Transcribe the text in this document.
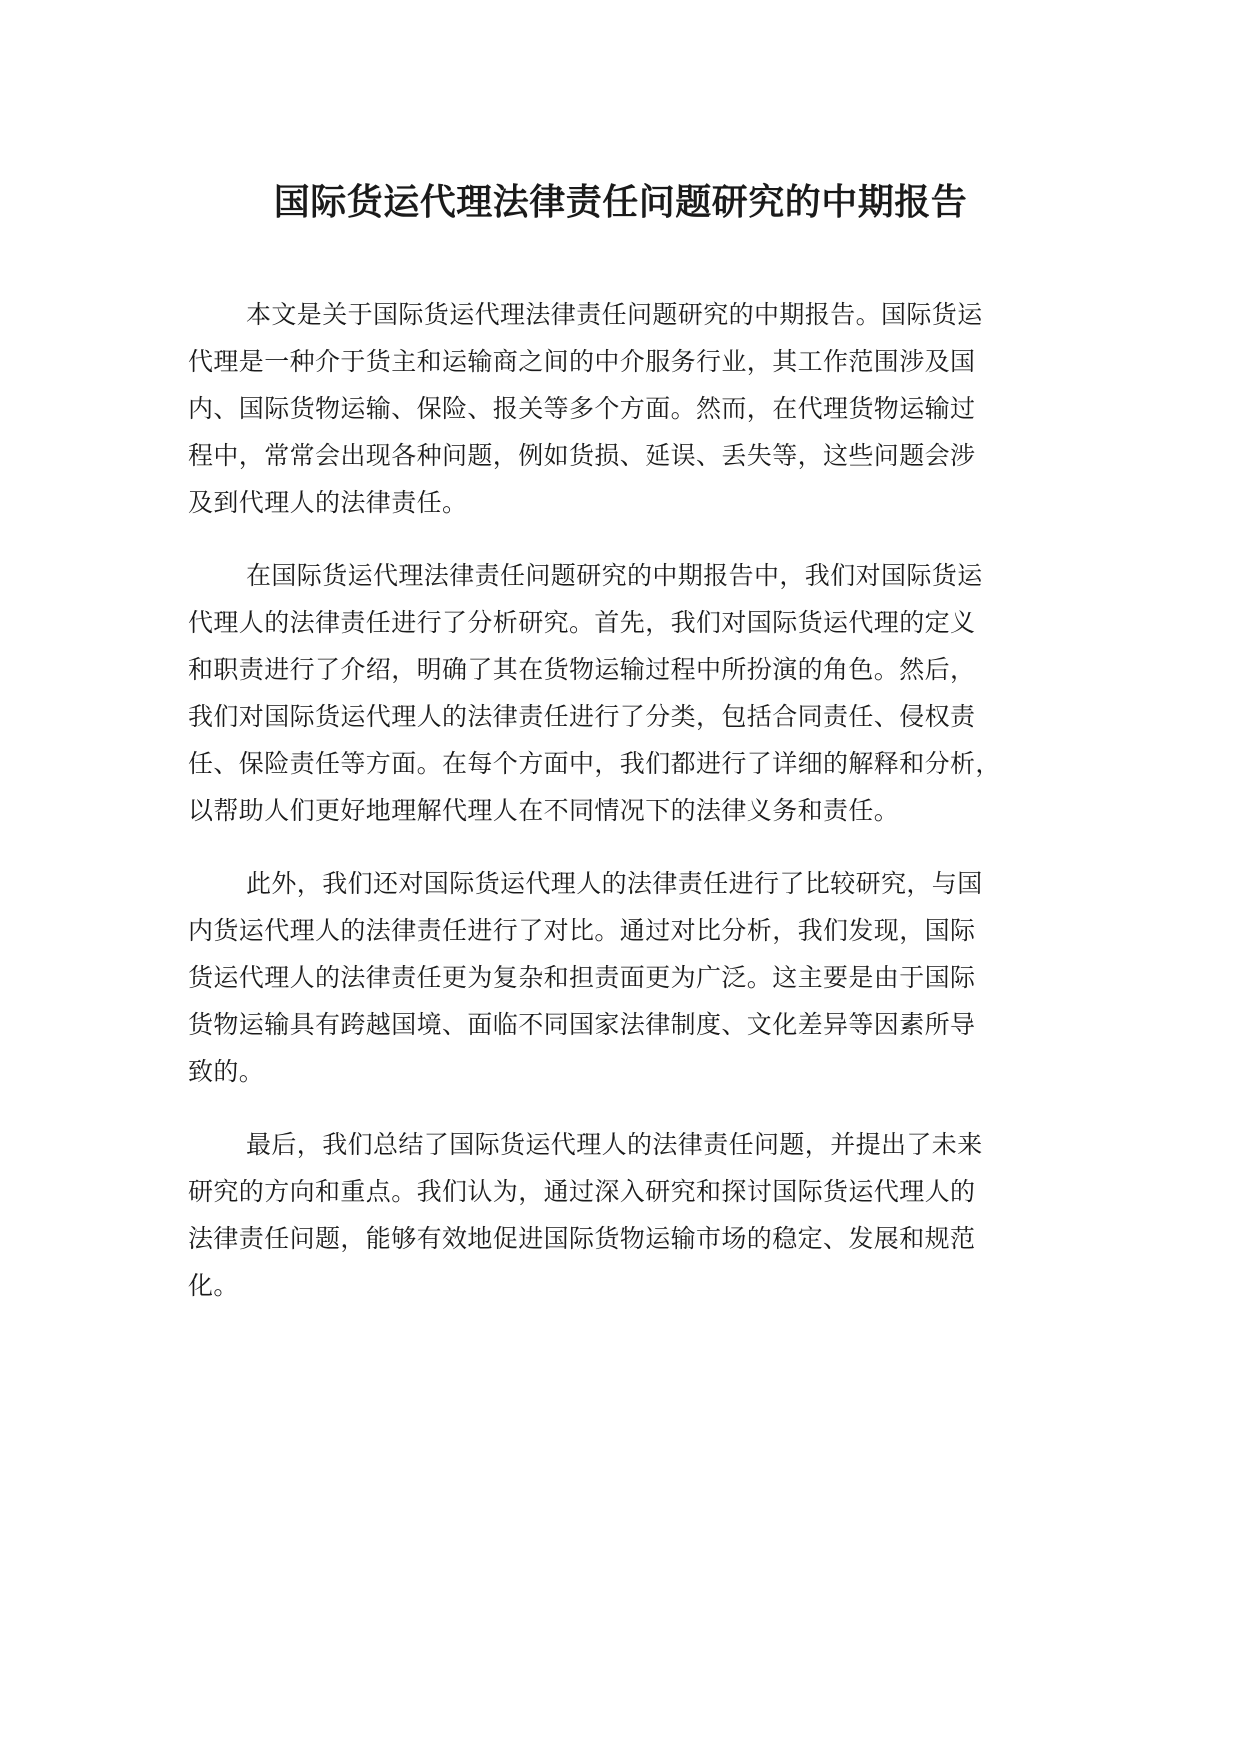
国际货运代理法律责任问题研究的中期报告
本文是关于国际货运代理法律责任问题研究的中期报告。国际货运
代理是一种介于货主和运输商之间的中介服务行业，其工作范围涉及国
内、国际货物运输、保险、报关等多个方面。然而，在代理货物运输过
程中，常常会出现各种问题，例如货损、延误、丢失等，这些问题会涉
及到代理人的法律责任。
在国际货运代理法律责任问题研究的中期报告中，我们对国际货运
代理人的法律责任进行了分析研究。首先，我们对国际货运代理的定义
和职责进行了介绍，明确了其在货物运输过程中所扮演的角色。然后，
我们对国际货运代理人的法律责任进行了分类，包括合同责任、侵权责
任、保险责任等方面。在每个方面中，我们都进行了详细的解释和分析，
以帮助人们更好地理解代理人在不同情况下的法律义务和责任。
此外，我们还对国际货运代理人的法律责任进行了比较研究，与国
内货运代理人的法律责任进行了对比。通过对比分析，我们发现，国际
货运代理人的法律责任更为复杂和担责面更为广泛。这主要是由于国际
货物运输具有跨越国境、面临不同国家法律制度、文化差异等因素所导
致的。
最后，我们总结了国际货运代理人的法律责任问题，并提出了未来
研究的方向和重点。我们认为，通过深入研究和探讨国际货运代理人的
法律责任问题，能够有效地促进国际货物运输市场的稳定、发展和规范
化。
